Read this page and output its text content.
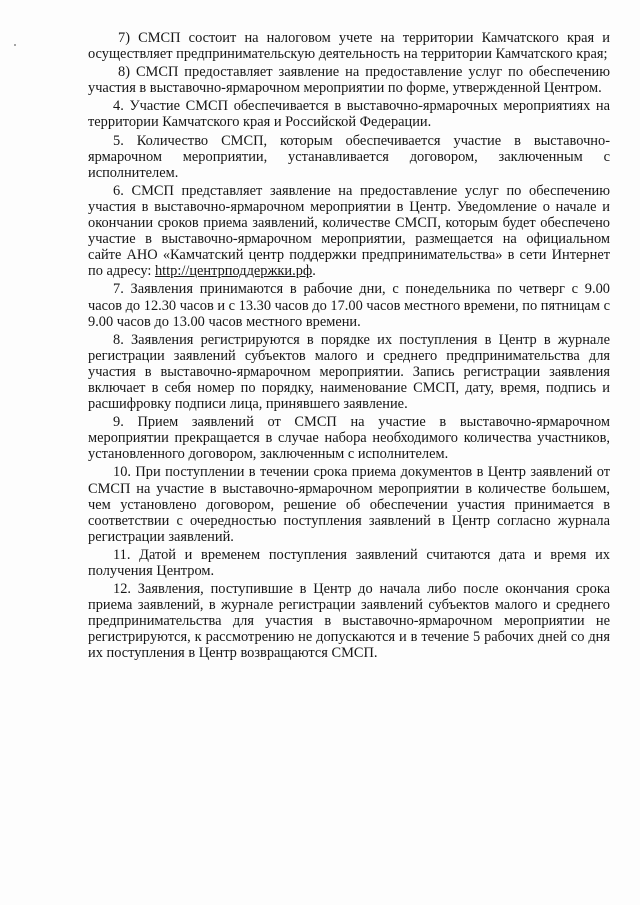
7) СМСП состоит на налоговом учете на территории Камчатского края и осуществляет предпринимательскую деятельность на территории Камчатского края;

8) СМСП предоставляет заявление на предоставление услуг по обеспечению участия в выставочно-ярмарочном мероприятии по форме, утвержденной Центром.

4. Участие СМСП обеспечивается в выставочно-ярмарочных мероприятиях на территории Камчатского края и Российской Федерации.

5. Количество СМСП, которым обеспечивается участие в выставочно-ярмарочном мероприятии, устанавливается договором, заключенным с исполнителем.

6. СМСП представляет заявление на предоставление услуг по обеспечению участия в выставочно-ярмарочном мероприятии в Центр. Уведомление о начале и окончании сроков приема заявлений, количестве СМСП, которым будет обеспечено участие в выставочно-ярмарочном мероприятии, размещается на официальном сайте АНО «Камчатский центр поддержки предпринимательства» в сети Интернет по адресу: http://центрподдержки.рф.

7. Заявления принимаются в рабочие дни, с понедельника по четверг с 9.00 часов до 12.30 часов и с 13.30 часов до 17.00 часов местного времени, по пятницам с 9.00 часов до 13.00 часов местного времени.

8. Заявления регистрируются в порядке их поступления в Центр в журнале регистрации заявлений субъектов малого и среднего предпринимательства для участия в выставочно-ярмарочном мероприятии. Запись регистрации заявления включает в себя номер по порядку, наименование СМСП, дату, время, подпись и расшифровку подписи лица, принявшего заявление.

9. Прием заявлений от СМСП на участие в выставочно-ярмарочном мероприятии прекращается в случае набора необходимого количества участников, установленного договором, заключенным с исполнителем.

10. При поступлении в течении срока приема документов в Центр заявлений от СМСП на участие в выставочно-ярмарочном мероприятии в количестве большем, чем установлено договором, решение об обеспечении участия принимается в соответствии с очередностью поступления заявлений в Центр согласно журнала регистрации заявлений.

11. Датой и временем поступления заявлений считаются дата и время их получения Центром.

12. Заявления, поступившие в Центр до начала либо после окончания срока приема заявлений, в журнале регистрации заявлений субъектов малого и среднего предпринимательства для участия в выставочно-ярмарочном мероприятии не регистрируются, к рассмотрению не допускаются и в течение 5 рабочих дней со дня их поступления в Центр возвращаются СМСП.
